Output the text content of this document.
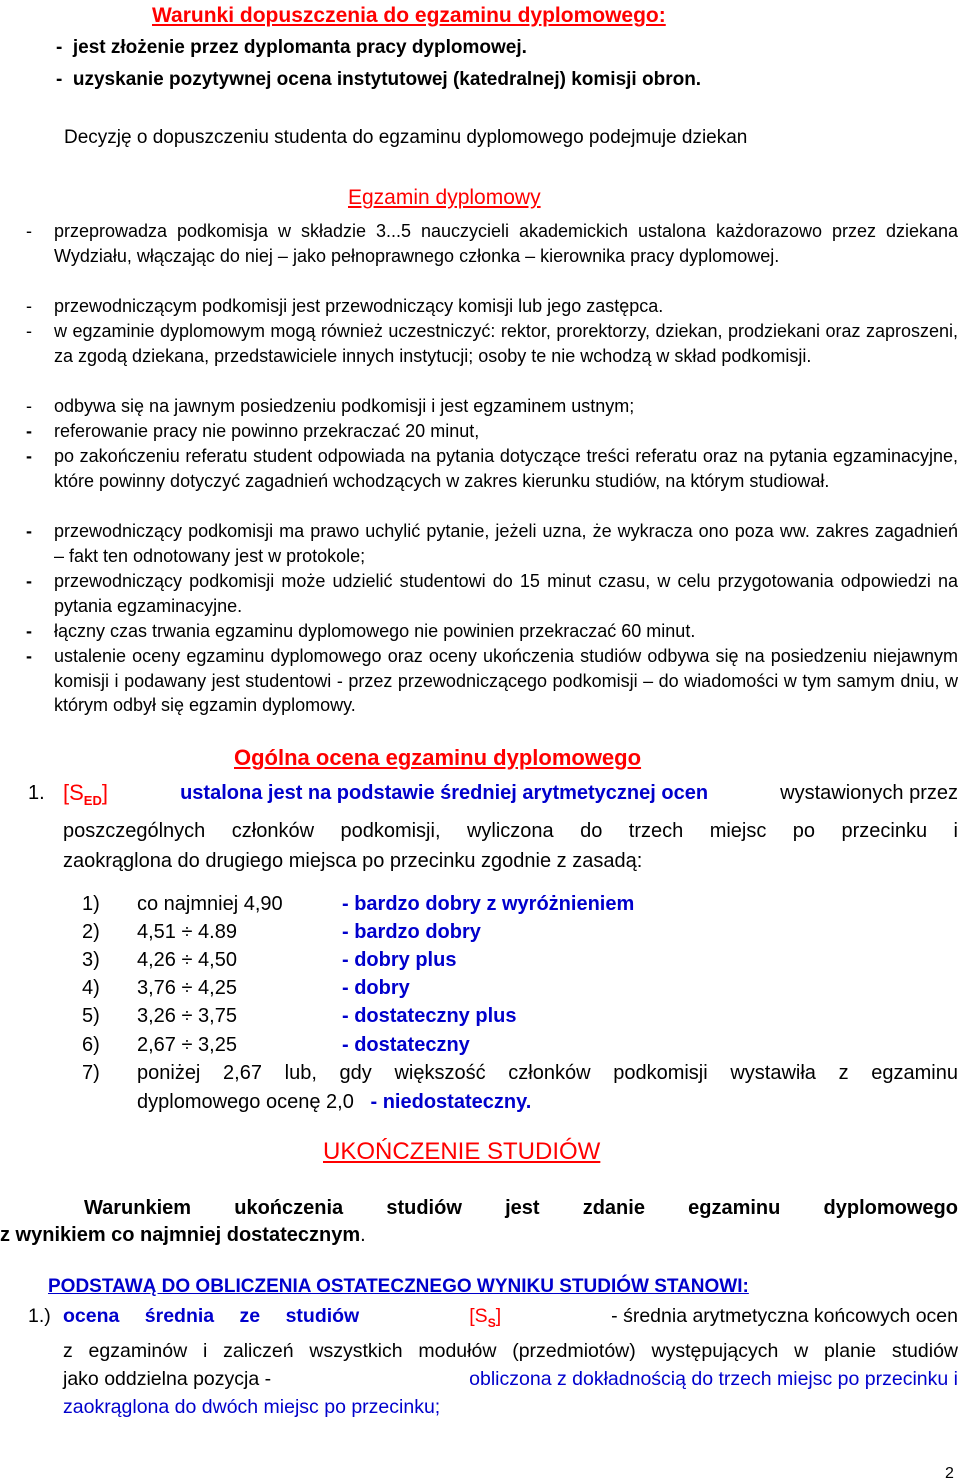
Warunki dopuszczenia do egzaminu dyplomowego:
-  jest złożenie przez dyplomanta pracy dyplomowej.
-  uzyskanie pozytywnej ocena instytutowej (katedralnej) komisji obron.
Decyzję o dopuszczeniu studenta do egzaminu dyplomowego podejmuje dziekan
Egzamin dyplomowy
-	przeprowadza podkomisja w składzie 3...5 nauczycieli akademickich ustalona każdorazowo przez dziekana Wydziału, włączając do niej – jako pełnoprawnego członka – kierownika pracy dyplomowej.
-	przewodniczącym podkomisji jest przewodniczący komisji lub jego zastępca.
-	w egzaminie dyplomowym mogą również uczestniczyć: rektor, prorektorzy, dziekan, prodziekani oraz zaproszeni, za zgodą dziekana, przedstawiciele innych instytucji; osoby te nie wchodzą w skład podkomisji.
-	odbywa się na jawnym posiedzeniu podkomisji i jest egzaminem ustnym;
-	referowanie pracy nie powinno przekraczać 20 minut,
-	po zakończeniu referatu student odpowiada na pytania dotyczące treści referatu oraz na pytania egzaminacyjne, które powinny dotyczyć zagadnień wchodzących w zakres kierunku studiów, na którym studiował.
-	przewodniczący podkomisji ma prawo uchylić pytanie, jeżeli uzna, że wykracza ono poza ww. zakres zagadnień – fakt ten odnotowany jest w protokole;
-	przewodniczący podkomisji może udzielić studentowi do 15 minut czasu, w celu przygotowania odpowiedzi na pytania egzaminacyjne.
-	łączny czas trwania egzaminu dyplomowego nie powinien przekraczać 60 minut.
-	ustalenie oceny egzaminu dyplomowego oraz oceny ukończenia studiów odbywa się na posiedzeniu niejawnym komisji i podawany jest studentowi - przez przewodniczącego podkomisji – do wiadomości w tym samym dniu, w którym odbył się egzamin dyplomowy.
Ogólna ocena egzaminu dyplomowego
1. $[S_{ED}]$	ustalona jest na podstawie średniej arytmetycznej ocen	wystawionych przez
poszczególnych członków podkomisji, wyliczona do trzech miejsc po przecinku i
zaokrąglona do drugiego miejsca po przecinku zgodnie z zasadą:
1)	co najmniej 4,90	- bardzo dobry z wyróżnieniem
2)	4,51 ÷ 4.89	- bardzo dobry
3)	4,26 ÷ 4,50	- dobry plus
4)	3,76 ÷ 4,25	- dobry
5)	3,26 ÷ 3,75	- dostateczny plus
6)	2,67 ÷ 3,25	- dostateczny
7) poniżej 2,67 lub, gdy większość członków podkomisji wystawiła z egzaminu
dyplomowego ocenę 2,0 - niedostateczny.
UKOŃCZENIE STUDIÓW
Warunkiem ukończenia studiów jest zdanie egzaminu dyplomowego
z wynikiem co najmniej dostatecznym.
PODSTAWĄ DO OBLICZENIA OSTATECZNEGO WYNIKU STUDIÓW STANOWI:
1.) ocena średnia ze studiów	$[S_S]$	- średnia arytmetyczna końcowych ocen
z egzaminów i zaliczeń wszystkich modułów (przedmiotów) występujących w planie studiów
jako oddzielna pozycja -	obliczona z dokładnością do trzech miejsc po przecinku i
zaokrąglona do dwóch miejsc po przecinku;
2
